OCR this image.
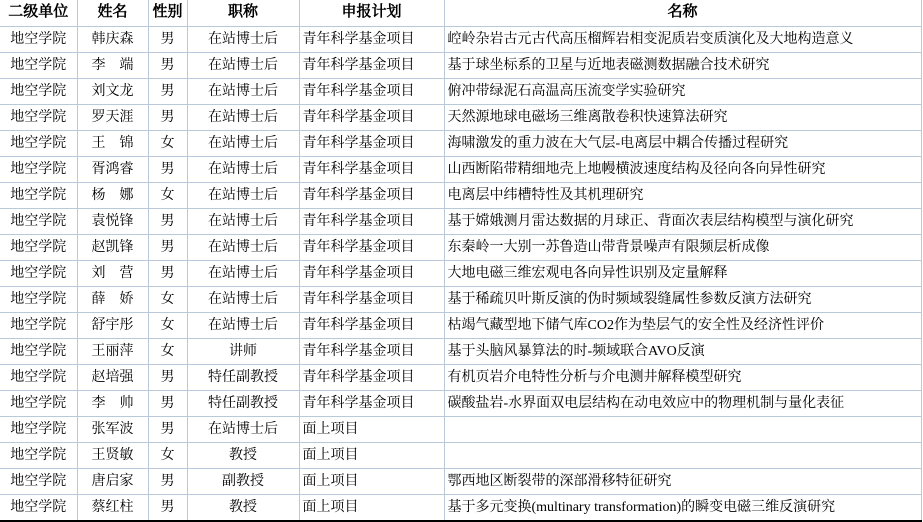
二级单位	姓名	性别	职称	申报计划	名称
地空学院	韩庆森	男	在站博士后	青年科学基金项目	崆岭杂岩古元古代高压榴辉岩相变泥质岩变质演化及大地构造意义
地空学院	李　端	男	在站博士后	青年科学基金项目	基于球坐标系的卫星与近地表磁测数据融合技术研究
地空学院	刘文龙	男	在站博士后	青年科学基金项目	俯冲带绿泥石高温高压流变学实验研究
地空学院	罗天涯	男	在站博士后	青年科学基金项目	天然源地球电磁场三维离散卷积快速算法研究
地空学院	王　锦	女	在站博士后	青年科学基金项目	海啸激发的重力波在大气层-电离层中耦合传播过程研究
地空学院	胥鸿睿	男	在站博士后	青年科学基金项目	山西断陷带精细地壳上地幔横波速度结构及径向各向异性研究
地空学院	杨　娜	女	在站博士后	青年科学基金项目	电离层中纬槽特性及其机理研究
地空学院	袁悦锋	男	在站博士后	青年科学基金项目	基于嫦娥测月雷达数据的月球正、背面次表层结构模型与演化研究
地空学院	赵凯锋	男	在站博士后	青年科学基金项目	东秦岭一大别一苏鲁造山带背景噪声有限频层析成像
地空学院	刘　营	男	在站博士后	青年科学基金项目	大地电磁三维宏观电各向异性识别及定量解释
地空学院	薛　娇	女	在站博士后	青年科学基金项目	基于稀疏贝叶斯反演的伪时频域裂缝属性参数反演方法研究
地空学院	舒宇彤	女	在站博士后	青年科学基金项目	枯竭气藏型地下储气库CO2作为垫层气的安全性及经济性评价
地空学院	王丽萍	女	讲师	青年科学基金项目	基于头脑风暴算法的时-频域联合AVO反演
地空学院	赵培强	男	特任副教授	青年科学基金项目	有机页岩介电特性分析与介电测井解释模型研究
地空学院	李　帅	男	特任副教授	青年科学基金项目	碳酸盐岩-水界面双电层结构在动电效应中的物理机制与量化表征
地空学院	张军波	男	在站博士后	面上项目	
地空学院	王贤敏	女	教授	面上项目	
地空学院	唐启家	男	副教授	面上项目	鄂西地区断裂带的深部滑移特征研究
地空学院	蔡红柱	男	教授	面上项目	基于多元变换(multinary transformation)的瞬变电磁三维反演研究
